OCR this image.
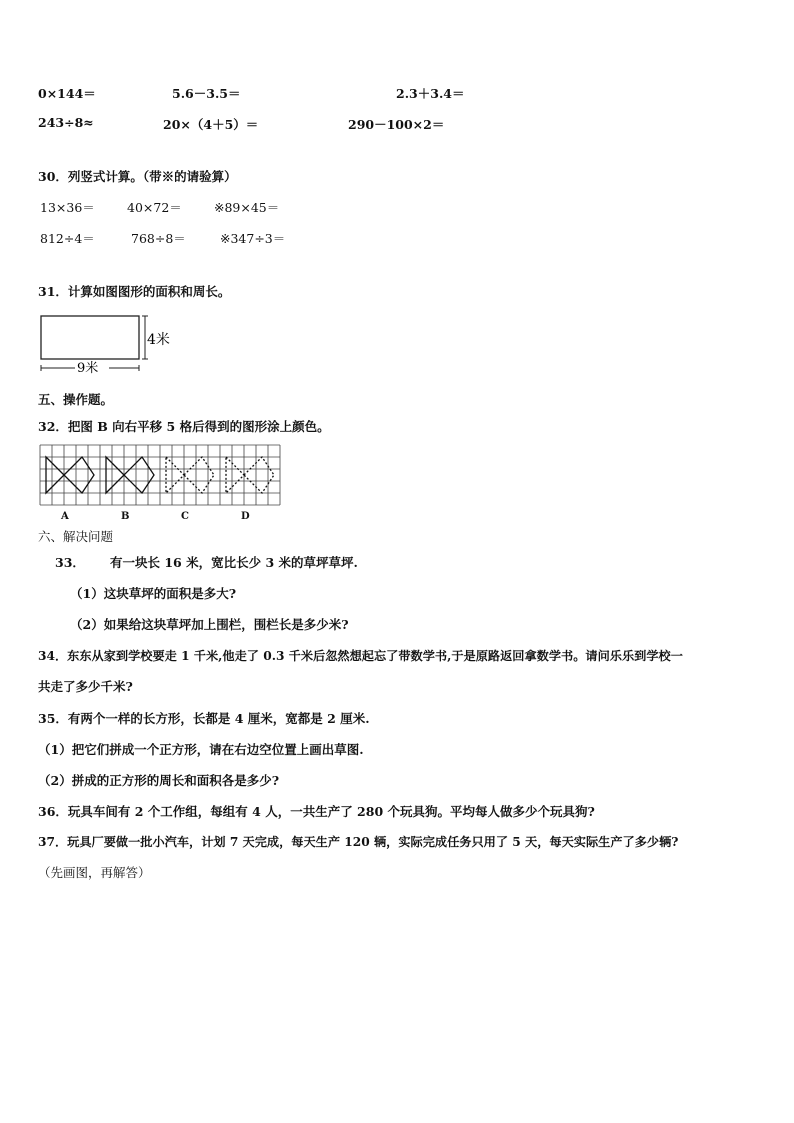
0×144＝	5.6－3.5＝	2.3＋3.4＝
243÷8≈	20×（4＋5）＝	290－100×2＝
30．列竖式计算。（带※的请验算）
13×36＝	40×72＝	※89×45＝
812÷4＝	768÷8＝	※347÷3＝
31．计算如图图形的面积和周长。
4米
9米
五、操作题。
32．把图 B 向右平移 5 格后得到的图形涂上颜色。
A	B	C	D
六、解决问题
33． 有一块长 16 米，宽比长少 3 米的草坪草坪.
（1）这块草坪的面积是多大?
（2）如果给这块草坪加上围栏，围栏长是多少米?
34．东东从家到学校要走 1 千米,他走了 0.3 千米后忽然想起忘了带数学书,于是原路返回拿数学书。请问乐乐到学校一
共走了多少千米?
35．有两个一样的长方形，长都是 4 厘米，宽都是 2 厘米.
（1）把它们拼成一个正方形，请在右边空位置上画出草图.
（2）拼成的正方形的周长和面积各是多少?
36．玩具车间有 2 个工作组，每组有 4 人，一共生产了 280 个玩具狗。平均每人做多少个玩具狗?
37．玩具厂要做一批小汽车，计划 7 天完成，每天生产 120 辆，实际完成任务只用了 5 天，每天实际生产了多少辆?
（先画图，再解答）
